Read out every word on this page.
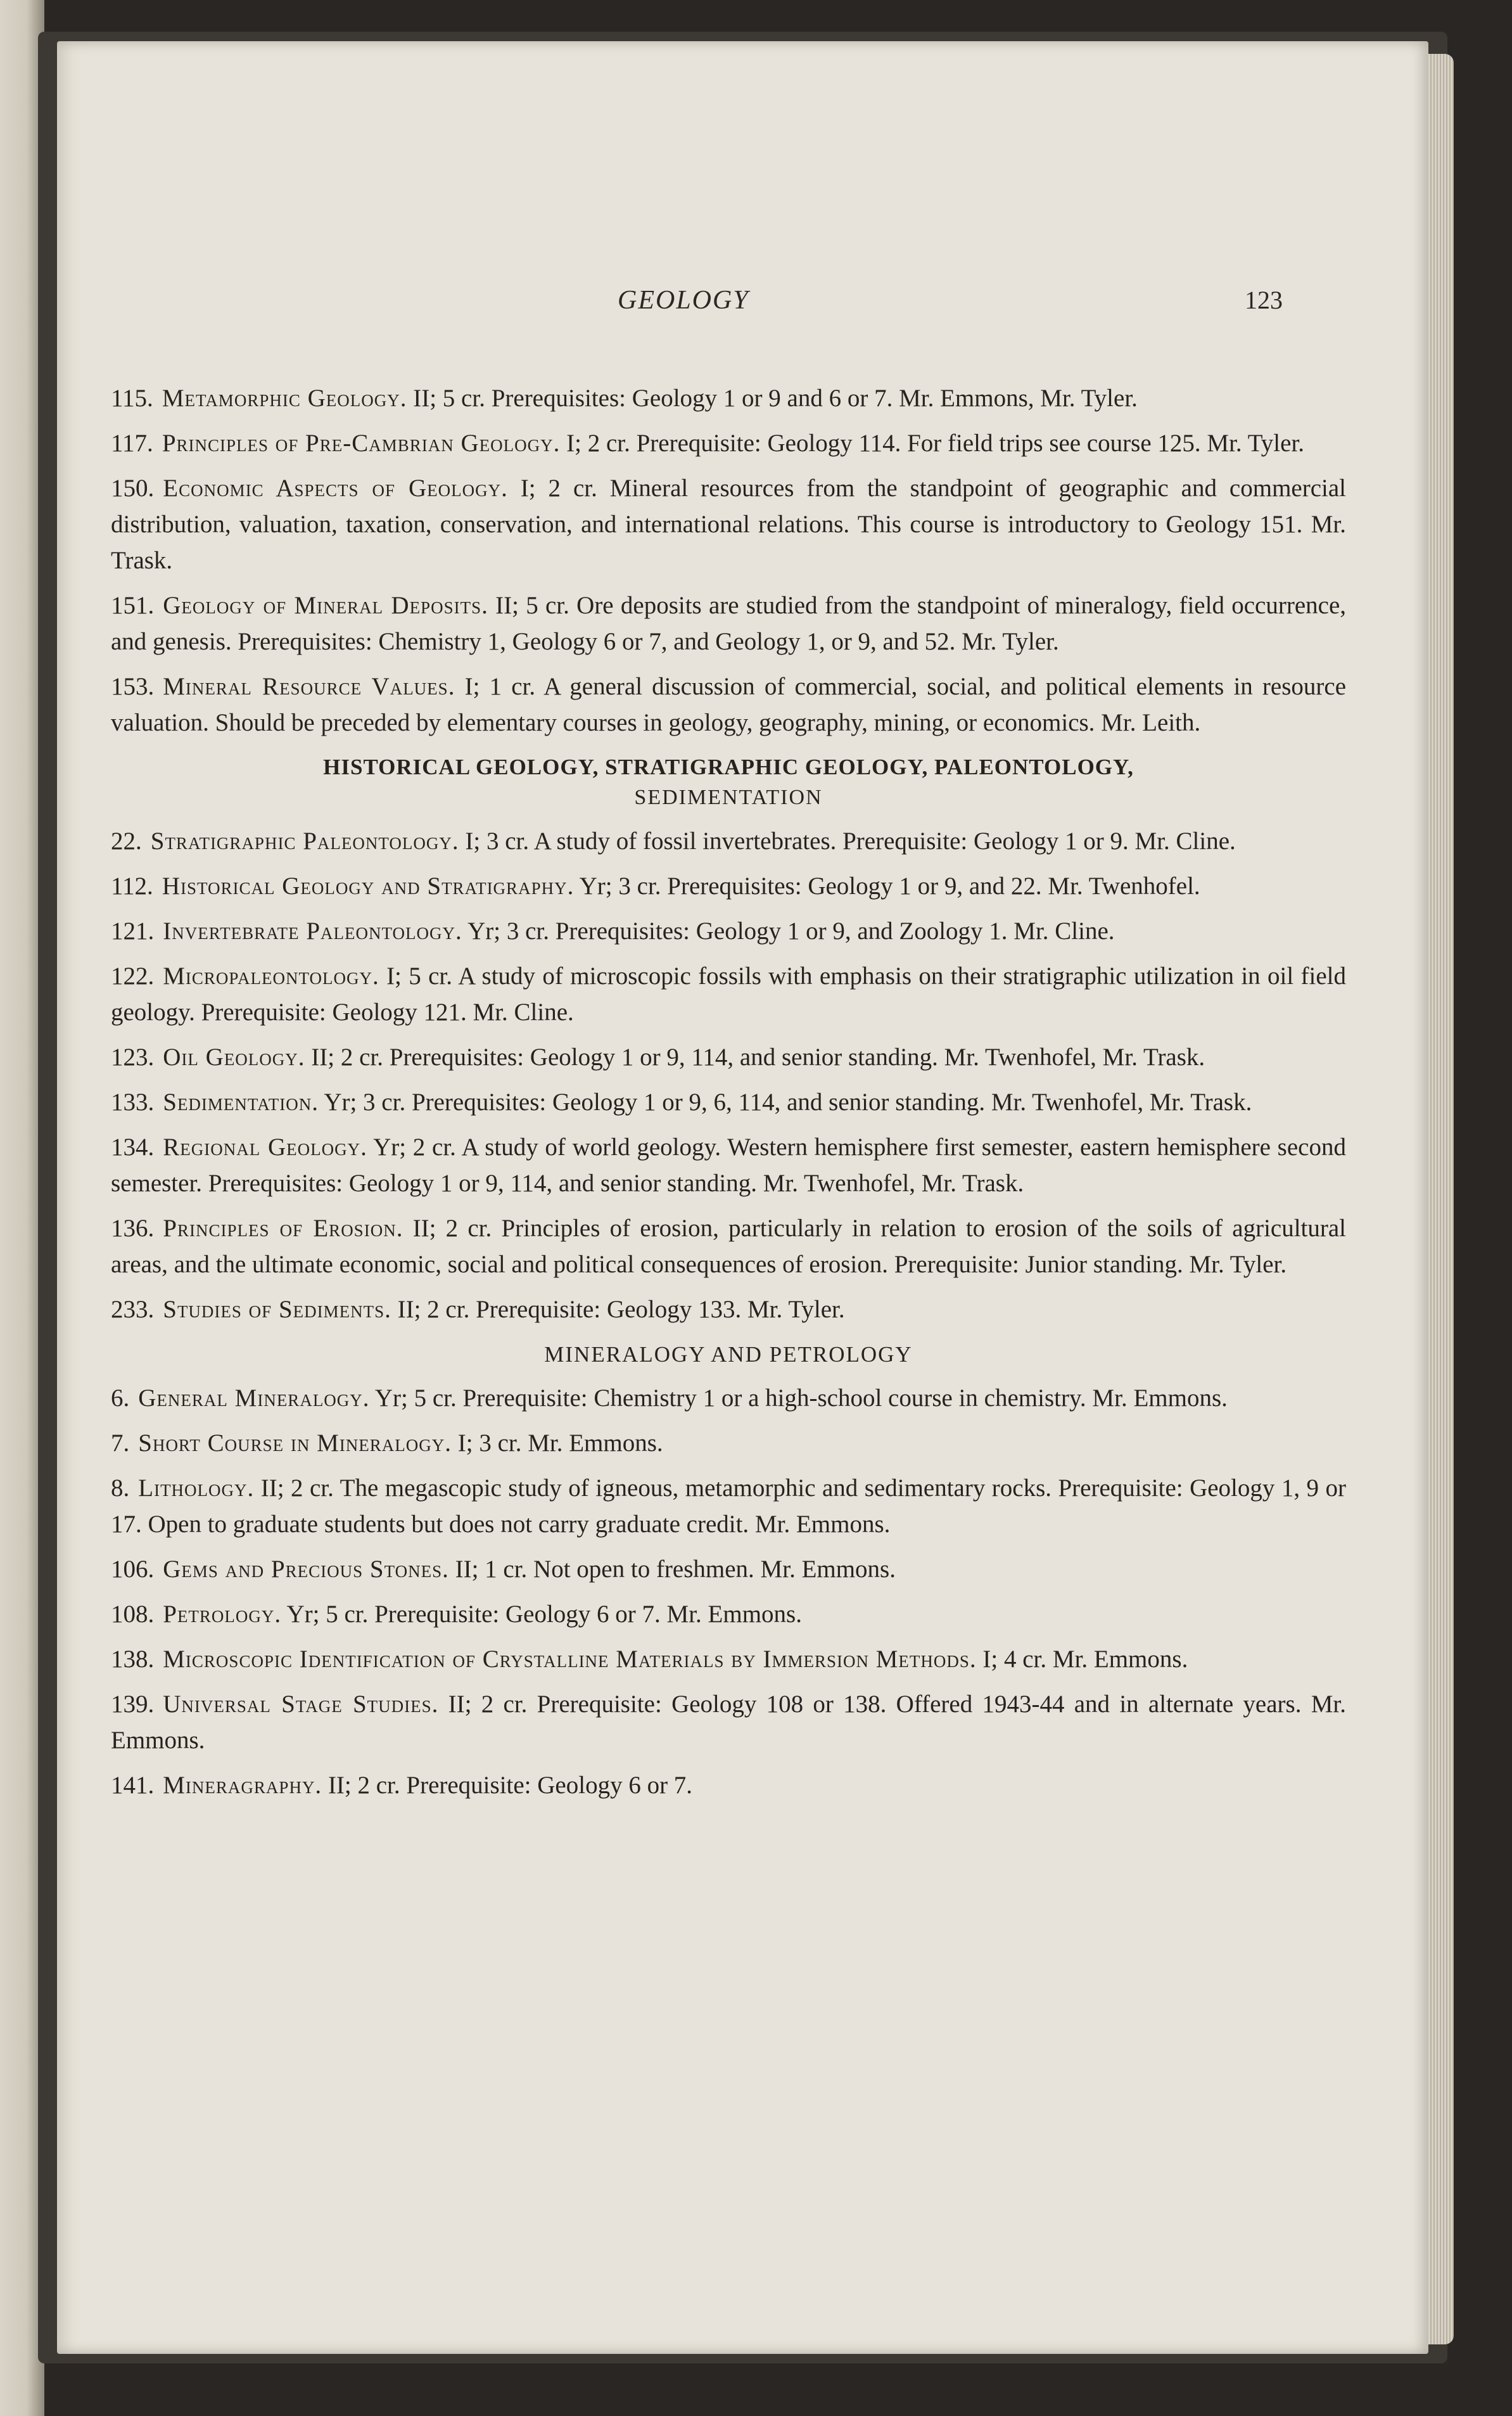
GEOLOGY	123

115. Metamorphic Geology. II; 5 cr. Prerequisites: Geology 1 or 9 and 6 or 7. Mr. Emmons, Mr. Tyler.

117. Principles of Pre-Cambrian Geology. I; 2 cr. Prerequisite: Geology 114. For field trips see course 125. Mr. Tyler.

150. Economic Aspects of Geology. I; 2 cr. Mineral resources from the standpoint of geographic and commercial distribution, valuation, taxation, conservation, and international relations. This course is introductory to Geology 151. Mr. Trask.

151. Geology of Mineral Deposits. II; 5 cr. Ore deposits are studied from the standpoint of mineralogy, field occurrence, and genesis. Prerequisites: Chemistry 1, Geology 6 or 7, and Geology 1, or 9, and 52. Mr. Tyler.

153. Mineral Resource Values. I; 1 cr. A general discussion of commercial, social, and political elements in resource valuation. Should be preceded by elementary courses in geology, geography, mining, or economics. Mr. Leith.

HISTORICAL GEOLOGY, STRATIGRAPHIC GEOLOGY, PALEONTOLOGY,
SEDIMENTATION

22. Stratigraphic Paleontology. I; 3 cr. A study of fossil invertebrates. Prerequisite: Geology 1 or 9. Mr. Cline.

112. Historical Geology and Stratigraphy. Yr; 3 cr. Prerequisites: Geology 1 or 9, and 22. Mr. Twenhofel.

121. Invertebrate Paleontology. Yr; 3 cr. Prerequisites: Geology 1 or 9, and Zoology 1. Mr. Cline.

122. Micropaleontology. I; 5 cr. A study of microscopic fossils with emphasis on their stratigraphic utilization in oil field geology. Prerequisite: Geology 121. Mr. Cline.

123. Oil Geology. II; 2 cr. Prerequisites: Geology 1 or 9, 114, and senior standing. Mr. Twenhofel, Mr. Trask.

133. Sedimentation. Yr; 3 cr. Prerequisites: Geology 1 or 9, 6, 114, and senior standing. Mr. Twenhofel, Mr. Trask.

134. Regional Geology. Yr; 2 cr. A study of world geology. Western hemisphere first semester, eastern hemisphere second semester. Prerequisites: Geology 1 or 9, 114, and senior standing. Mr. Twenhofel, Mr. Trask.

136. Principles of Erosion. II; 2 cr. Principles of erosion, particularly in relation to erosion of the soils of agricultural areas, and the ultimate economic, social and political consequences of erosion. Prerequisite: Junior standing. Mr. Tyler.

233. Studies of Sediments. II; 2 cr. Prerequisite: Geology 133. Mr. Tyler.

MINERALOGY AND PETROLOGY

6. General Mineralogy. Yr; 5 cr. Prerequisite: Chemistry 1 or a high-school course in chemistry. Mr. Emmons.

7. Short Course in Mineralogy. I; 3 cr. Mr. Emmons.

8. Lithology. II; 2 cr. The megascopic study of igneous, metamorphic and sedimentary rocks. Prerequisite: Geology 1, 9 or 17. Open to graduate students but does not carry graduate credit. Mr. Emmons.

106. Gems and Precious Stones. II; 1 cr. Not open to freshmen. Mr. Emmons.

108. Petrology. Yr; 5 cr. Prerequisite: Geology 6 or 7. Mr. Emmons.

138. Microscopic Identification of Crystalline Materials by Immersion Methods. I; 4 cr. Mr. Emmons.

139. Universal Stage Studies. II; 2 cr. Prerequisite: Geology 108 or 138. Offered 1943-44 and in alternate years. Mr. Emmons.

141. Mineragraphy. II; 2 cr. Prerequisite: Geology 6 or 7.
